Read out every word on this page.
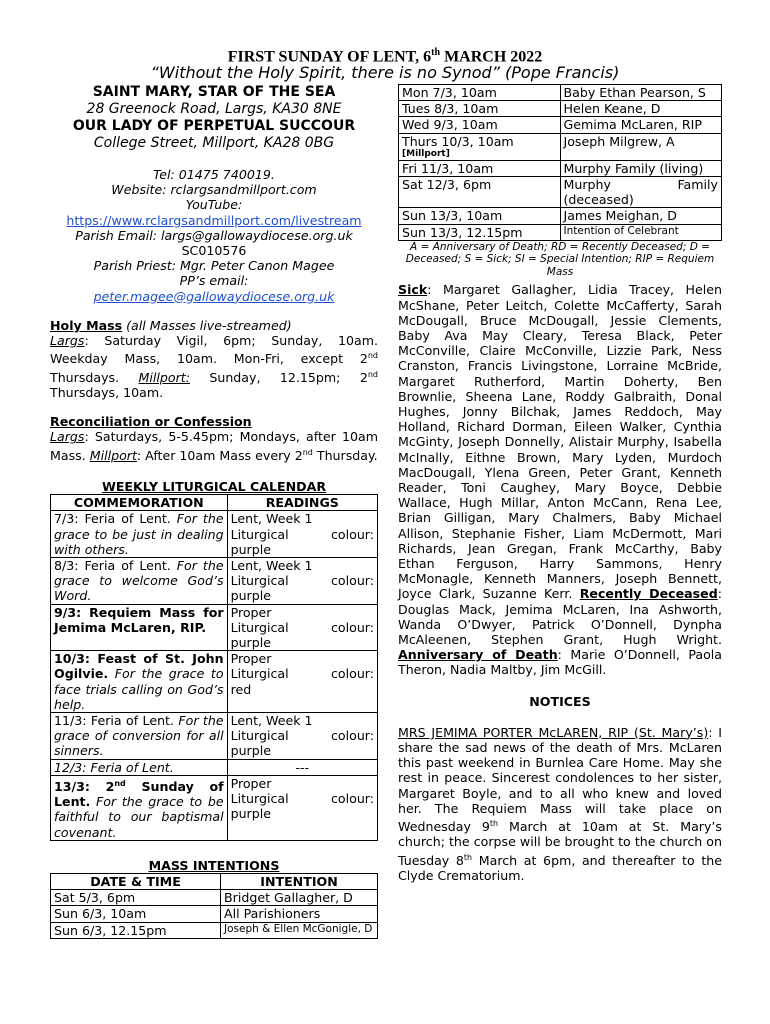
FIRST SUNDAY OF LENT, 6th MARCH 2022
“Without the Holy Spirit, there is no Synod” (Pope Francis)

SAINT MARY, STAR OF THE SEA

28 Greenock Road, Largs, KA30 8NE

OUR LADY OF PERPETUAL SUCCOUR

College Street, Millport, KA28 0BG

Tel: 01475 740019.

Website: rclargsandmillport.com

YouTube:

https://www.rclargsandmillport.com/livestream

Parish Email: largs@gallowaydiocese.org.uk

SC010576

Parish Priest: Mgr. Peter Canon Magee

PP’s email:

peter.magee@gallowaydiocese.org.uk

Holy Mass (all Masses live-streamed)
Largs: Saturday Vigil, 6pm; Sunday, 10am. Weekday Mass, 10am. Mon-Fri, except 2nd Thursdays. Millport: Sunday, 12.15pm; 2nd Thursdays, 10am.

Reconciliation or Confession
Largs: Saturdays, 5-5.45pm; Mondays, after 10am Mass. Millport: After 10am Mass every 2nd Thursday.

WEEKLY LITURGICAL CALENDAR

COMMEMORATION	READINGS
7/3: Feria of Lent. For the grace to be just in dealing with others.	Lent, Week 1
Liturgical colour:
purple
8/3: Feria of Lent. For the grace to welcome God’s Word.	Lent, Week 1
Liturgical colour:
purple
9/3: Requiem Mass for Jemima McLaren, RIP.	Proper
Liturgical colour:
purple
10/3: Feast of St. John Ogilvie. For the grace to face trials calling on God’s help.	Proper
Liturgical colour:
red
11/3: Feria of Lent. For the grace of conversion for all sinners.	Lent, Week 1
Liturgical colour:
purple
12/3: Feria of Lent.	---
13/3: 2nd Sunday of Lent. For the grace to be faithful to our baptismal covenant.	Proper
Liturgical colour:
purple

MASS INTENTIONS

DATE & TIME	INTENTION
Sat 5/3, 6pm	Bridget Gallagher, D
Sun 6/3, 10am	All Parishioners
Sun 6/3, 12.15pm	Joseph & Ellen McGonigle, D
Mon 7/3, 10am	Baby Ethan Pearson, S
Tues 8/3, 10am	Helen Keane, D
Wed 9/3, 10am	Gemima McLaren, RIP

Thurs 10/3, 10am
[Millport]	Joseph Milgrew, A
Fri 11/3, 10am	Murphy Family (living)
Sat 12/3, 6pm	Murphy Family (deceased)
Sun 13/3, 10am	James Meighan, D
Sun 13/3, 12.15pm	Intention of Celebrant

A = Anniversary of Death; RD = Recently Deceased; D = Deceased; S = Sick; SI = Special Intention; RIP = Requiem Mass

Sick: Margaret Gallagher, Lidia Tracey, Helen McShane, Peter Leitch, Colette McCafferty, Sarah McDougall, Bruce McDougall, Jessie Clements, Baby Ava May Cleary, Teresa Black, Peter McConville, Claire McConville, Lizzie Park, Ness Cranston, Francis Livingstone, Lorraine McBride, Margaret Rutherford, Martin Doherty, Ben Brownlie, Sheena Lane, Roddy Galbraith, Donal Hughes, Jonny Bilchak, James Reddoch, May Holland, Richard Dorman, Eileen Walker, Cynthia McGinty, Joseph Donnelly, Alistair Murphy, Isabella McInally, Eithne Brown, Mary Lyden, Murdoch MacDougall, Ylena Green, Peter Grant, Kenneth Reader, Toni Caughey, Mary Boyce, Debbie Wallace, Hugh Millar, Anton McCann, Rena Lee, Brian Gilligan, Mary Chalmers, Baby Michael Allison, Stephanie Fisher, Liam McDermott, Mari Richards, Jean Gregan, Frank McCarthy, Baby Ethan Ferguson, Harry Sammons, Henry McMonagle, Kenneth Manners, Joseph Bennett, Joyce Clark, Suzanne Kerr. Recently Deceased: Douglas Mack, Jemima McLaren, Ina Ashworth, Wanda O’Dwyer, Patrick O’Donnell, Dynpha McAleenen, Stephen Grant, Hugh Wright. Anniversary of Death: Marie O’Donnell, Paola Theron, Nadia Maltby, Jim McGill.

NOTICES

MRS JEMIMA PORTER McLAREN, RIP (St. Mary’s): I share the sad news of the death of Mrs. McLaren this past weekend in Burnlea Care Home. May she rest in peace. Sincerest condolences to her sister, Margaret Boyle, and to all who knew and loved her. The Requiem Mass will take place on Wednesday 9th March at 10am at St. Mary’s church; the corpse will be brought to the church on Tuesday 8th March at 6pm, and thereafter to the Clyde Crematorium.
